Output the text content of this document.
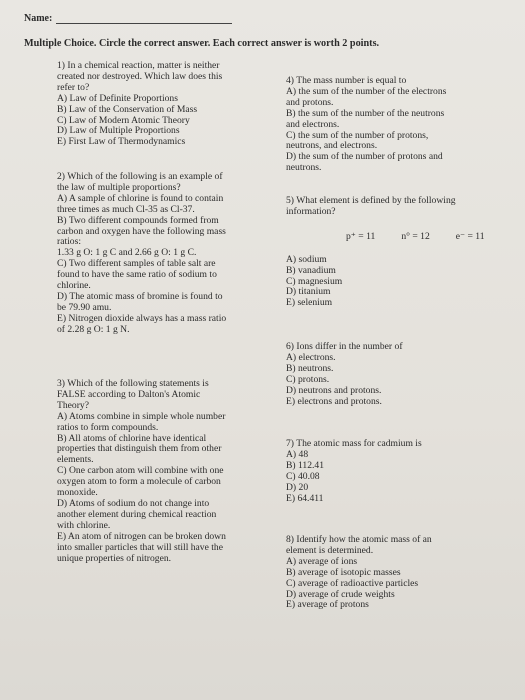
Name:
Multiple Choice. Circle the correct answer. Each correct answer is worth 2 points.
1) In a chemical reaction, matter is neither
created nor destroyed. Which law does this
refer to?
A) Law of Definite Proportions
B) Law of the Conservation of Mass
C) Law of Modern Atomic Theory
D) Law of Multiple Proportions
E) First Law of Thermodynamics
2) Which of the following is an example of
the law of multiple proportions?
A) A sample of chlorine is found to contain
three times as much Cl-35 as Cl-37.
B) Two different compounds formed from
carbon and oxygen have the following mass
ratios:
1.33 g O: 1 g C and 2.66 g O: 1 g C.
C) Two different samples of table salt are
found to have the same ratio of sodium to
chlorine.
D) The atomic mass of bromine is found to
be 79.90 amu.
E) Nitrogen dioxide always has a mass ratio
of 2.28 g O: 1 g N.
3) Which of the following statements is
FALSE according to Dalton's Atomic
Theory?
A) Atoms combine in simple whole number
ratios to form compounds.
B) All atoms of chlorine have identical
properties that distinguish them from other
elements.
C) One carbon atom will combine with one
oxygen atom to form a molecule of carbon
monoxide.
D) Atoms of sodium do not change into
another element during chemical reaction
with chlorine.
E) An atom of nitrogen can be broken down
into smaller particles that will still have the
unique properties of nitrogen.
4) The mass number is equal to
A) the sum of the number of the electrons
and protons.
B) the sum of the number of the neutrons
and electrons.
C) the sum of the number of protons,
neutrons, and electrons.
D) the sum of the number of protons and
neutrons.
5) What element is defined by the following
information?
p⁺ = 11	n° = 12	e⁻ = 11
A) sodium
B) vanadium
C) magnesium
D) titanium
E) selenium
6) Ions differ in the number of
A) electrons.
B) neutrons.
C) protons.
D) neutrons and protons.
E) electrons and protons.
7) The atomic mass for cadmium is
A) 48
B) 112.41
C) 40.08
D) 20
E) 64.411
8) Identify how the atomic mass of an
element is determined.
A) average of ions
B) average of isotopic masses
C) average of radioactive particles
D) average of crude weights
E) average of protons
